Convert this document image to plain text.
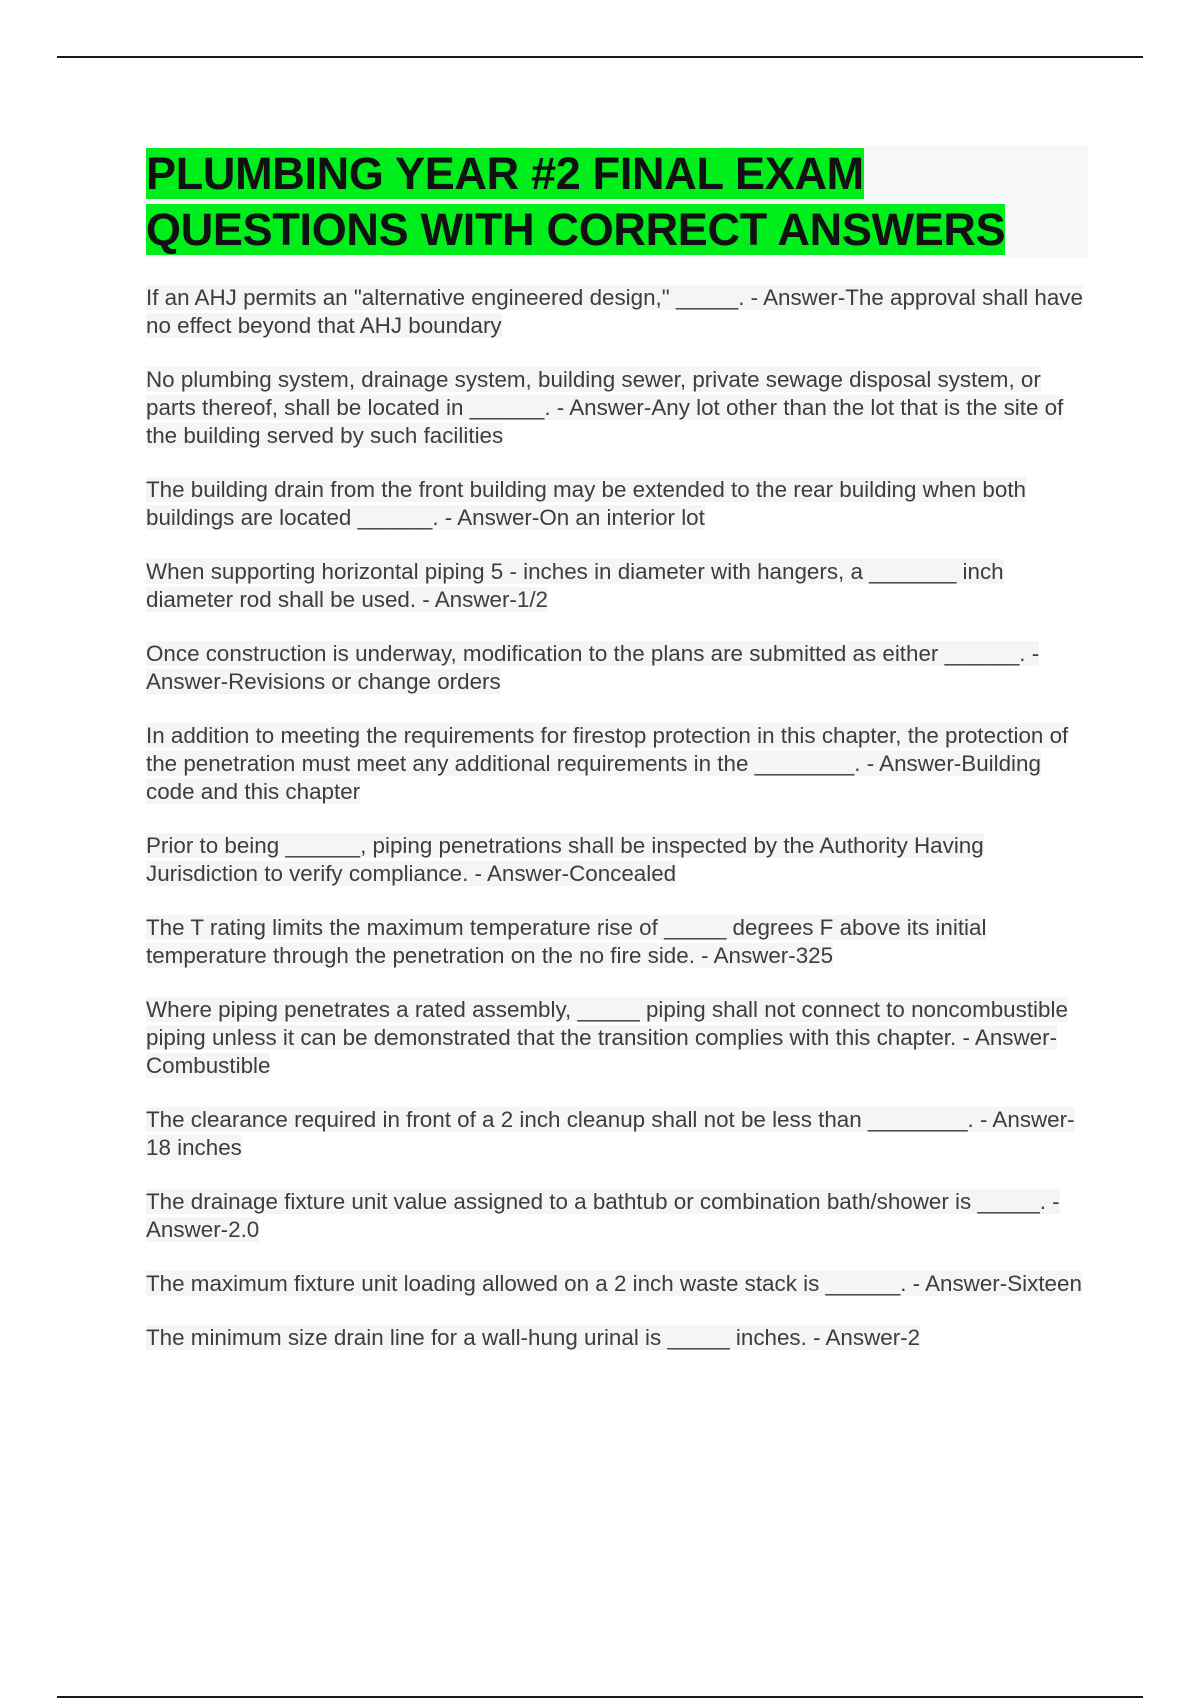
PLUMBING YEAR #2 FINAL EXAM QUESTIONS WITH CORRECT ANSWERS
If an AHJ permits an "alternative engineered design," _____. - Answer-The approval shall have no effect beyond that AHJ boundary
No plumbing system, drainage system, building sewer, private sewage disposal system, or parts thereof, shall be located in ______. - Answer-Any lot other than the lot that is the site of the building served by such facilities
The building drain from the front building may be extended to the rear building when both buildings are located ______. - Answer-On an interior lot
When supporting horizontal piping 5 - inches in diameter with hangers, a _______ inch diameter rod shall be used. - Answer-1/2
Once construction is underway, modification to the plans are submitted as either ______. - Answer-Revisions or change orders
In addition to meeting the requirements for firestop protection in this chapter, the protection of the penetration must meet any additional requirements in the ________. - Answer-Building code and this chapter
Prior to being ______, piping penetrations shall be inspected by the Authority Having Jurisdiction to verify compliance. - Answer-Concealed
The T rating limits the maximum temperature rise of _____ degrees F above its initial temperature through the penetration on the no fire side. - Answer-325
Where piping penetrates a rated assembly, _____ piping shall not connect to noncombustible piping unless it can be demonstrated that the transition complies with this chapter. - Answer-Combustible
The clearance required in front of a 2 inch cleanup shall not be less than ________. - Answer-18 inches
The drainage fixture unit value assigned to a bathtub or combination bath/shower is _____. - Answer-2.0
The maximum fixture unit loading allowed on a 2 inch waste stack is ______. - Answer-Sixteen
The minimum size drain line for a wall-hung urinal is _____ inches. - Answer-2
